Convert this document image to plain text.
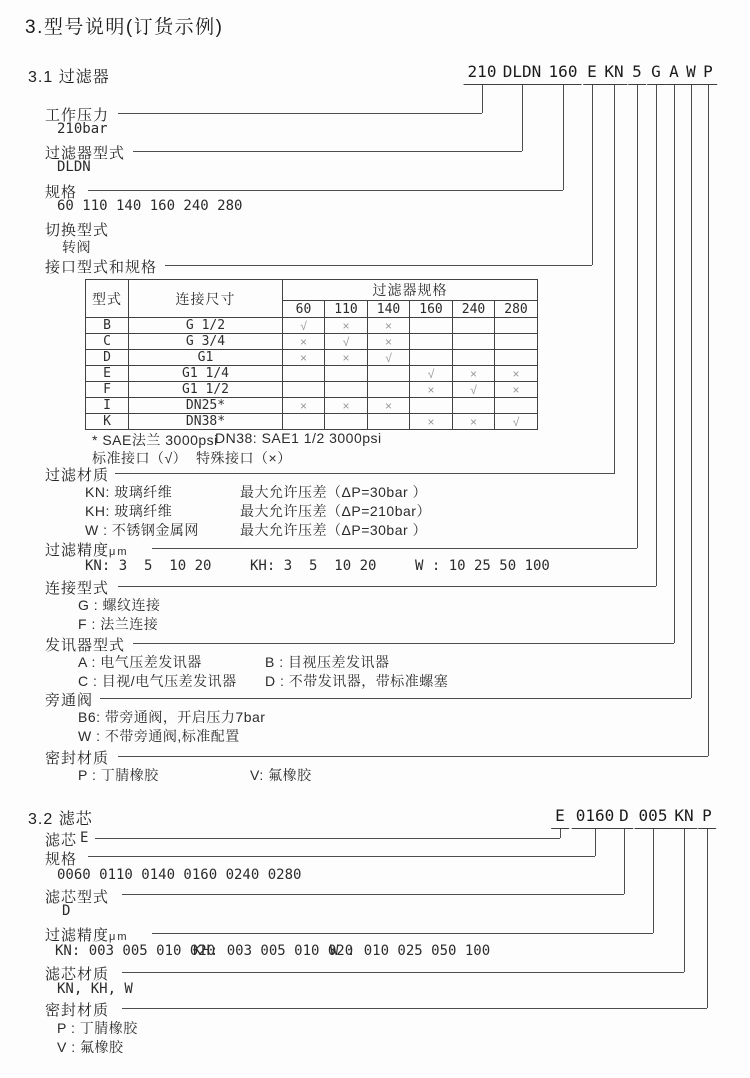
3.型号说明(订货示例)
3.1 过滤器	210 DLDN 160 E KN 5 G A W P
工作压力
210bar
过滤器型式
DLDN
规格
60 110 140 160 240 280
切换型式
转阀
接口型式和规格
型式	连接尺寸	过滤器规格					
		60	110	140	160	240	280
B	G 1/2	√	×	×			
C	G 3/4	×	√	×			
D	G1	×	×	√			
E	G1 1/4				√	×	×
F	G1 1/2				×	√	×
I	DN25*	×	×	×			
K	DN38*				×	×	√
* SAE法兰 3000psi
DN38: SAE1 1/2 3000psi
标准接口（√）  特殊接口（×）
过滤材质
KN: 玻璃纤维	最大允许压差（ΔP=30bar ）
KH: 玻璃纤维	最大允许压差（ΔP=210bar）
W : 不锈钢金属网	最大允许压差（ΔP=30bar ）
过滤精度μm
KN: 3  5  10 20	KH: 3  5  10 20	W : 10 25 50 100
连接型式
G : 螺纹连接
F : 法兰连接
发讯器型式
A : 电气压差发讯器	B : 目视压差发讯器
C : 目视/电气压差发讯器 D : 不带发讯器，带标准螺塞
旁通阀
B6: 带旁通阀，开启压力7bar
W : 不带旁通阀,标准配置
密封材质
P : 丁腈橡胶	V: 氟橡胶
3.2 滤芯	E 0160 D 005 KN P
滤芯 E
规格
0060 0110 0140 0160 0240 0280
滤芯型式
D
过滤精度μm
KN: 003 005 010 020
KH: 003 005 010 020
W : 010 025 050 100
滤芯材质
KN, KH, W
密封材质
P : 丁腈橡胶
V : 氟橡胶
